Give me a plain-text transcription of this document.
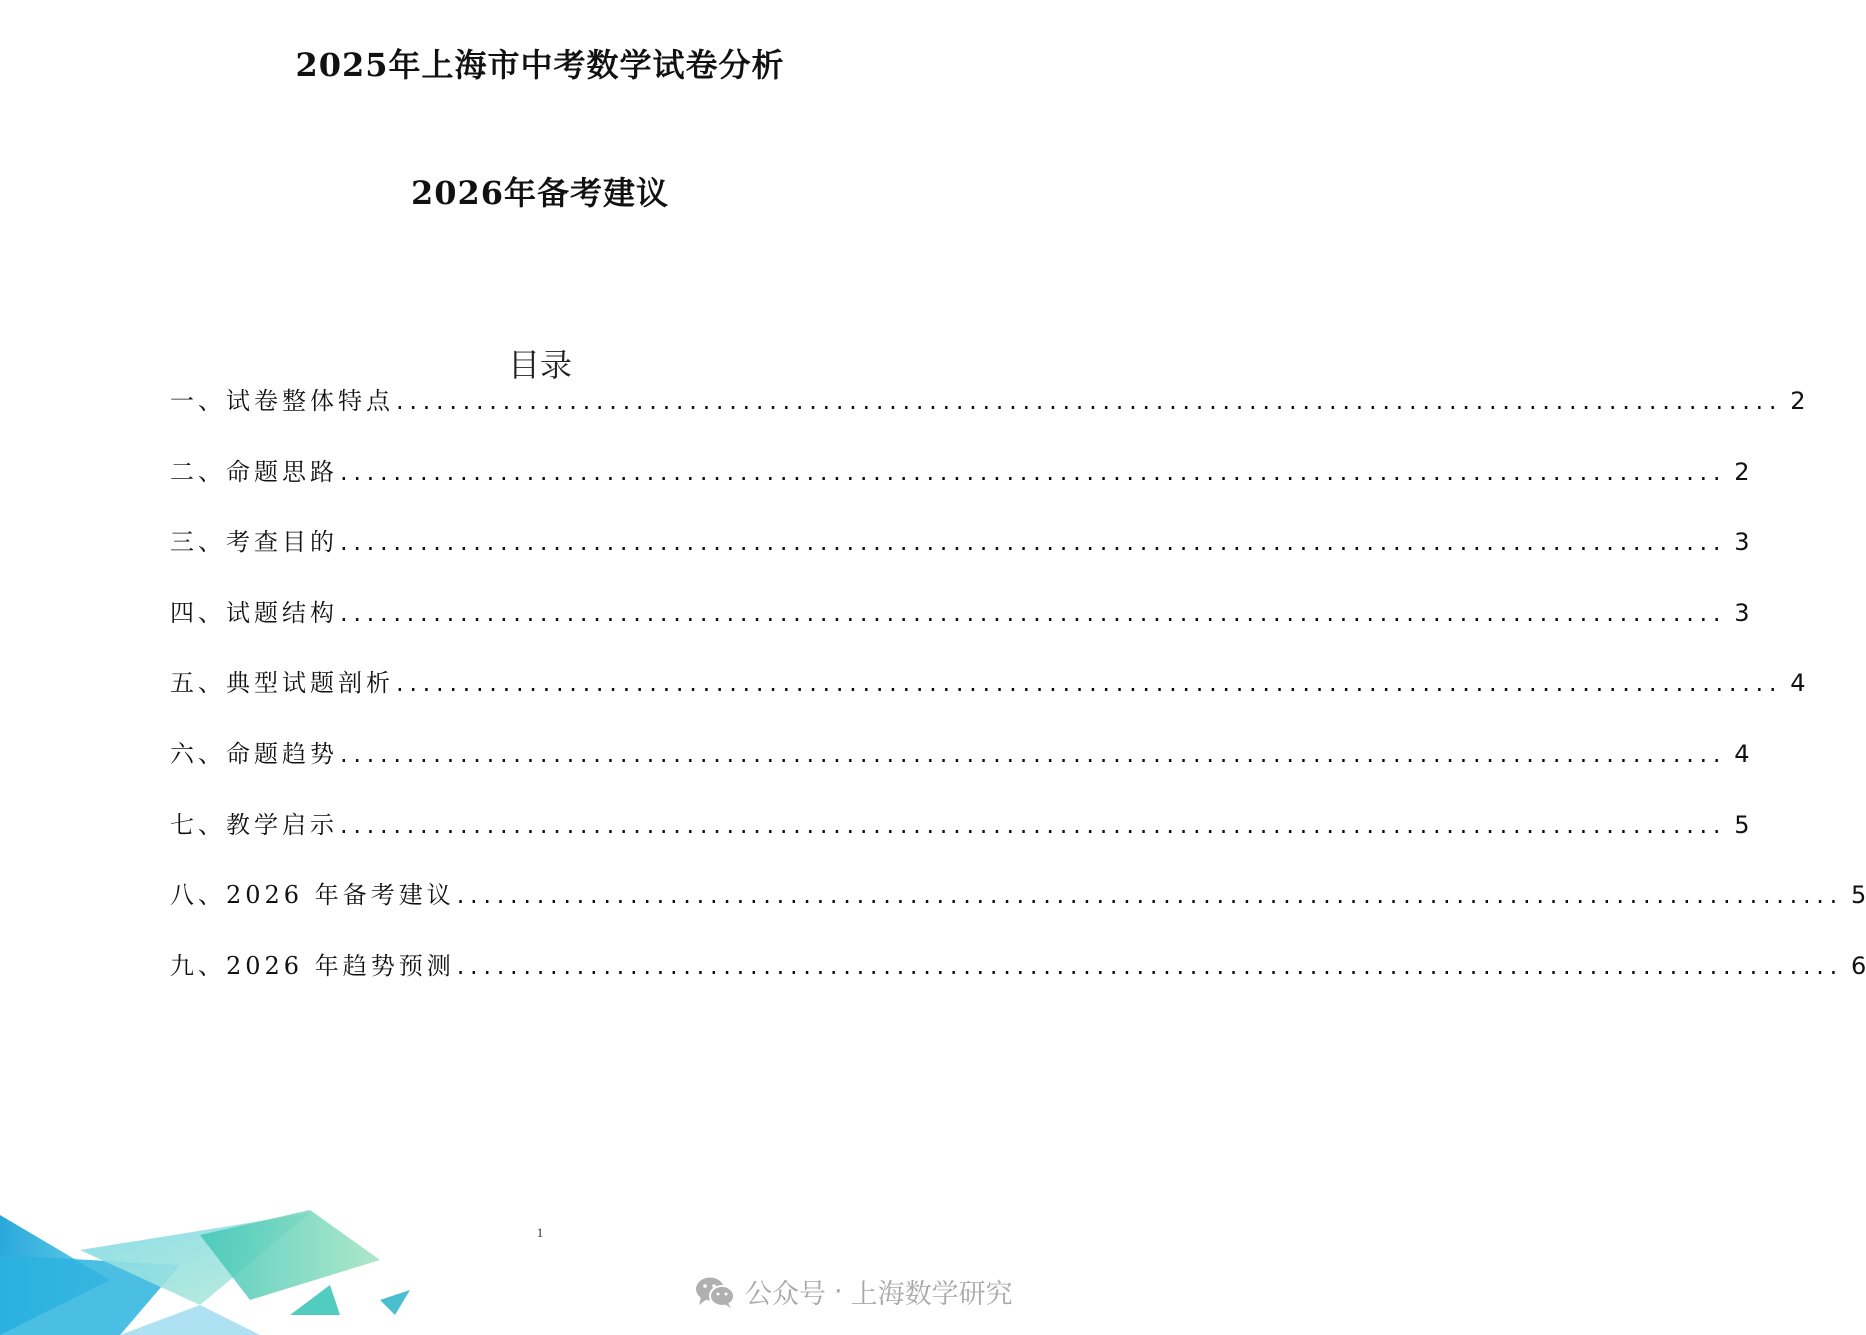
2025年上海市中考数学试卷分析
2026年备考建议
目录
一、试卷整体特点 ........................................................................................................ 2
二、命题思路 ........................................................................................................ 2
三、考查目的 ........................................................................................................ 3
四、试题结构 ........................................................................................................ 3
五、典型试题剖析 ........................................................................................................ 4
六、命题趋势 ........................................................................................................ 4
七、教学启示 ........................................................................................................ 5
八、2026 年备考建议 ........................................................................................................ 5
九、2026 年趋势预测 ........................................................................................................ 6
1
公众号 · 上海数学研究
